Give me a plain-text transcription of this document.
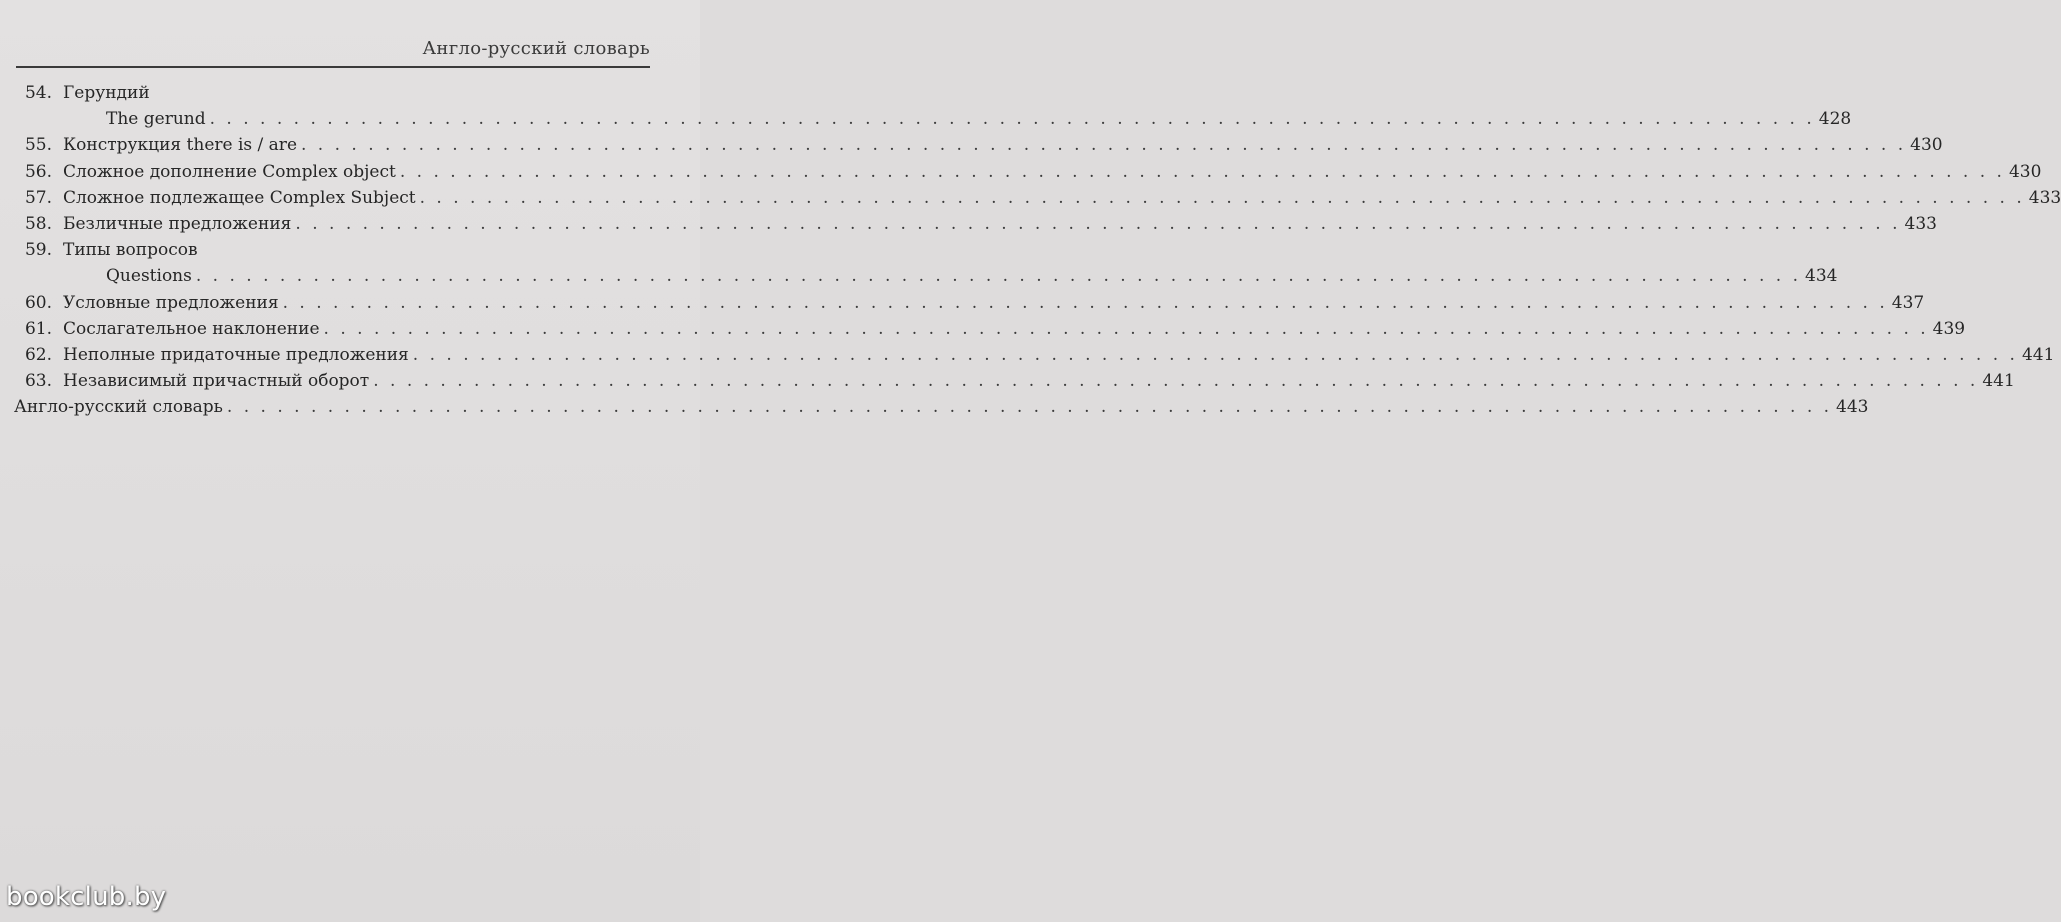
Англо-русский словарь
54. Герундий
The gerund . . . . . . . . . . . . . . . . . . . . . . . . . . . . . . . . . . . . . . . . . . . . . . . . . . . . . . . . . . . . . . . . . . . . . . . . . . . . . . . . . . . . . . . . . . . . . . . . 428
55. Конструкция there is / are . . . . . . . . . . . . . . . . . . . . . . . . . . . . . . . . . . . . . . . . . . . . . . . . . . . . . . . . . . . . . . . . . . . . . . . . . . . . . . . . . . . . . . . . . . . . . . . . 430
56. Сложное дополнение Complex object . . . . . . . . . . . . . . . . . . . . . . . . . . . . . . . . . . . . . . . . . . . . . . . . . . . . . . . . . . . . . . . . . . . . . . . . . . . . . . . . . . . . . . . . . . . . . . . . 430
57. Сложное подлежащее Complex Subject . . . . . . . . . . . . . . . . . . . . . . . . . . . . . . . . . . . . . . . . . . . . . . . . . . . . . . . . . . . . . . . . . . . . . . . . . . . . . . . . . . . . . . . . . . . . . . . . 433
58. Безличные предложения . . . . . . . . . . . . . . . . . . . . . . . . . . . . . . . . . . . . . . . . . . . . . . . . . . . . . . . . . . . . . . . . . . . . . . . . . . . . . . . . . . . . . . . . . . . . . . . . 433
59. Типы вопросов
Questions . . . . . . . . . . . . . . . . . . . . . . . . . . . . . . . . . . . . . . . . . . . . . . . . . . . . . . . . . . . . . . . . . . . . . . . . . . . . . . . . . . . . . . . . . . . . . . . . 434
60. Условные предложения . . . . . . . . . . . . . . . . . . . . . . . . . . . . . . . . . . . . . . . . . . . . . . . . . . . . . . . . . . . . . . . . . . . . . . . . . . . . . . . . . . . . . . . . . . . . . . . . 437
61. Сослагательное наклонение . . . . . . . . . . . . . . . . . . . . . . . . . . . . . . . . . . . . . . . . . . . . . . . . . . . . . . . . . . . . . . . . . . . . . . . . . . . . . . . . . . . . . . . . . . . . . . . . 439
62. Неполные придаточные предложения . . . . . . . . . . . . . . . . . . . . . . . . . . . . . . . . . . . . . . . . . . . . . . . . . . . . . . . . . . . . . . . . . . . . . . . . . . . . . . . . . . . . . . . . . . . . . . . . 441
63. Независимый причастный оборот . . . . . . . . . . . . . . . . . . . . . . . . . . . . . . . . . . . . . . . . . . . . . . . . . . . . . . . . . . . . . . . . . . . . . . . . . . . . . . . . . . . . . . . . . . . . . . . . 441
Англо-русский словарь . . . . . . . . . . . . . . . . . . . . . . . . . . . . . . . . . . . . . . . . . . . . . . . . . . . . . . . . . . . . . . . . . . . . . . . . . . . . . . . . . . . . . . . . . . . . . . . . 443
bookclub.by
